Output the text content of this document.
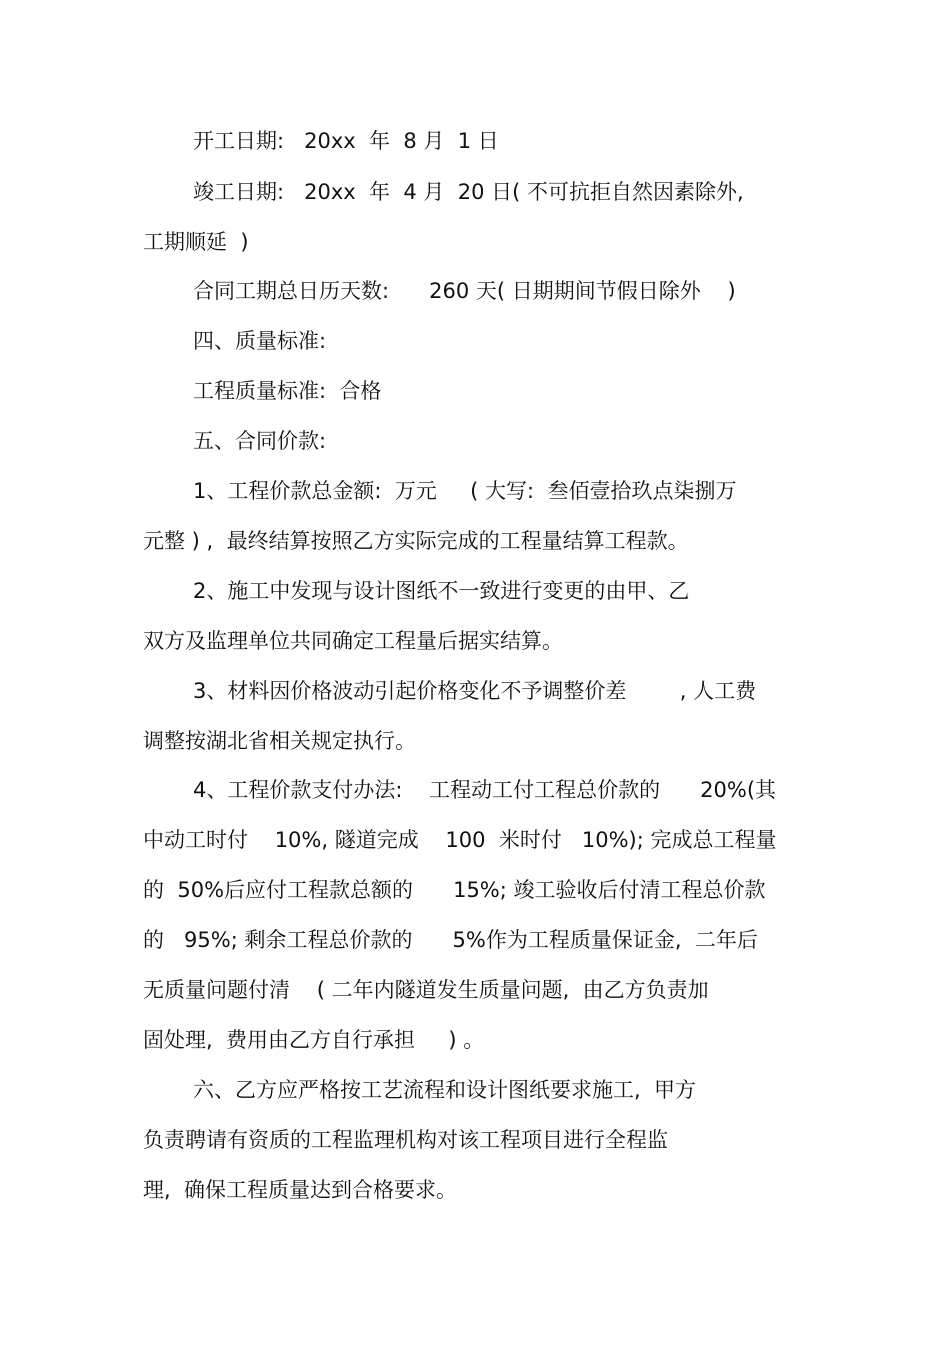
开工日期:   20xx  年  8 月  1 日

竣工日期:   20xx  年  4 月  20 日( 不可抗拒自然因素除外,

工期顺延  )

合同工期总日历天数:      260 天( 日期期间节假日除外    )

四、质量标准:

工程质量标准:  合格

五、合同价款:

1、工程价款总金额:  万元     ( 大写:  叁佰壹拾玖点柒捌万

元整 ) ,  最终结算按照乙方实际完成的工程量结算工程款。

2、施工中发现与设计图纸不一致进行变更的由甲、乙

双方及监理单位共同确定工程量后据实结算。

3、材料因价格波动引起价格变化不予调整价差        , 人工费

调整按湖北省相关规定执行。

4、工程价款支付办法:    工程动工付工程总价款的      20%(其

中动工时付    10%, 隧道完成    100  米时付   10%); 完成总工程量

的  50%后应付工程款总额的      15%; 竣工验收后付清工程总价款

的   95%; 剩余工程总价款的      5%作为工程质量保证金,  二年后

无质量问题付清    ( 二年内隧道发生质量问题,  由乙方负责加

固处理,  费用由乙方自行承担     ) 。

六、乙方应严格按工艺流程和设计图纸要求施工,  甲方

负责聘请有资质的工程监理机构对该工程项目进行全程监

理,  确保工程质量达到合格要求。
